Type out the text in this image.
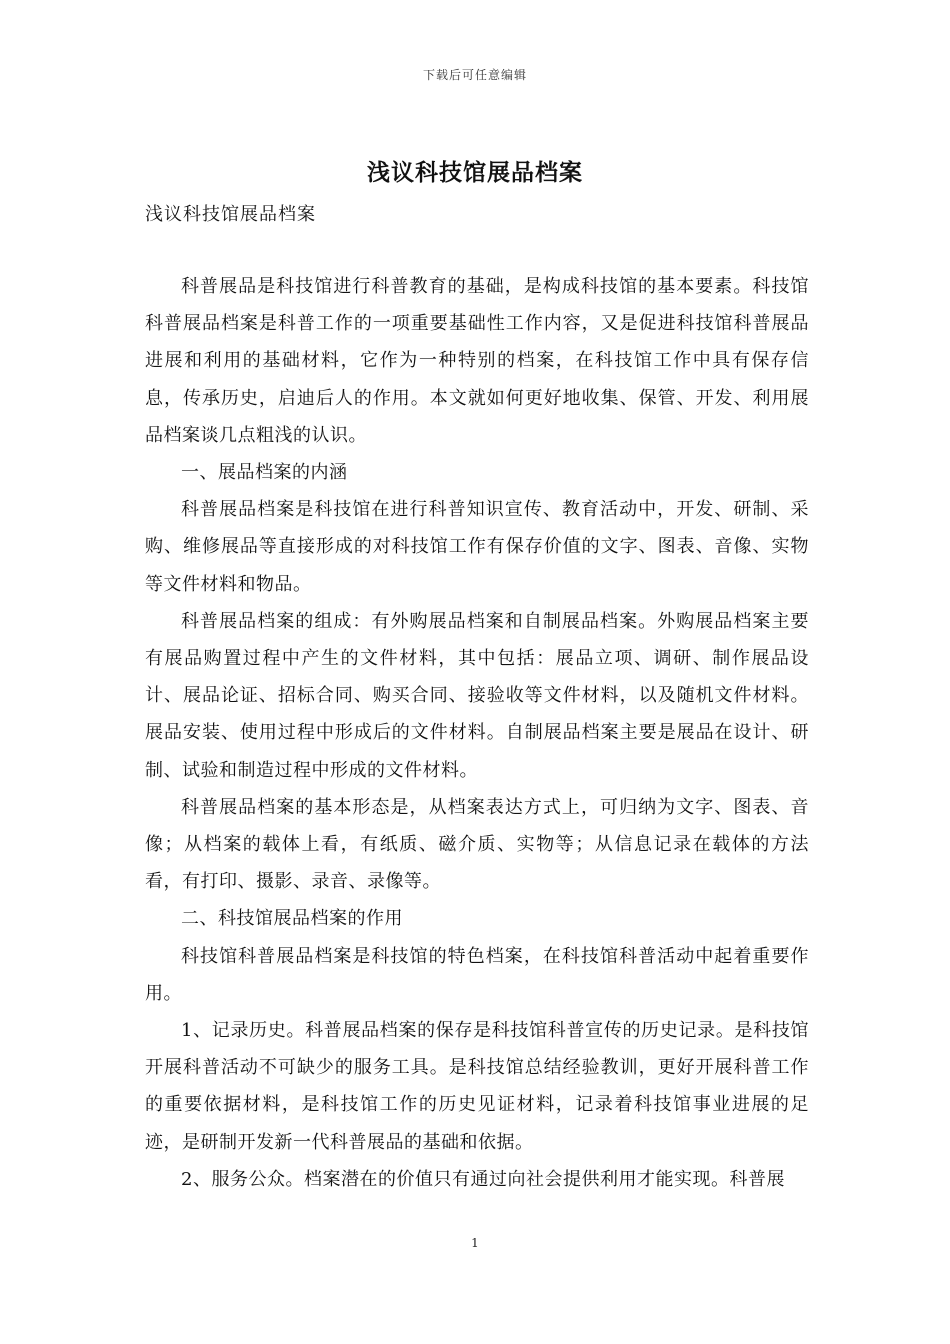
下载后可任意编辑
浅议科技馆展品档案
浅议科技馆展品档案

科普展品是科技馆进行科普教育的基础，是构成科技馆的基本要素。科技馆科普展品档案是科普工作的一项重要基础性工作内容，又是促进科技馆科普展品进展和利用的基础材料，它作为一种特别的档案，在科技馆工作中具有保存信息，传承历史，启迪后人的作用。本文就如何更好地收集、保管、开发、利用展品档案谈几点粗浅的认识。

一、展品档案的内涵

科普展品档案是科技馆在进行科普知识宣传、教育活动中，开发、研制、采购、维修展品等直接形成的对科技馆工作有保存价值的文字、图表、音像、实物等文件材料和物品。

科普展品档案的组成：有外购展品档案和自制展品档案。外购展品档案主要有展品购置过程中产生的文件材料，其中包括：展品立项、调研、制作展品设计、展品论证、招标合同、购买合同、接验收等文件材料，以及随机文件材料。展品安装、使用过程中形成后的文件材料。自制展品档案主要是展品在设计、研制、试验和制造过程中形成的文件材料。

科普展品档案的基本形态是，从档案表达方式上，可归纳为文字、图表、音像；从档案的载体上看，有纸质、磁介质、实物等；从信息记录在载体的方法看，有打印、摄影、录音、录像等。

二、科技馆展品档案的作用

科技馆科普展品档案是科技馆的特色档案，在科技馆科普活动中起着重要作用。

1、记录历史。科普展品档案的保存是科技馆科普宣传的历史记录。是科技馆开展科普活动不可缺少的服务工具。是科技馆总结经验教训，更好开展科普工作的重要依据材料，是科技馆工作的历史见证材料，记录着科技馆事业进展的足迹，是研制开发新一代科普展品的基础和依据。

2、服务公众。档案潜在的价值只有通过向社会提供利用才能实现。科普展

1
